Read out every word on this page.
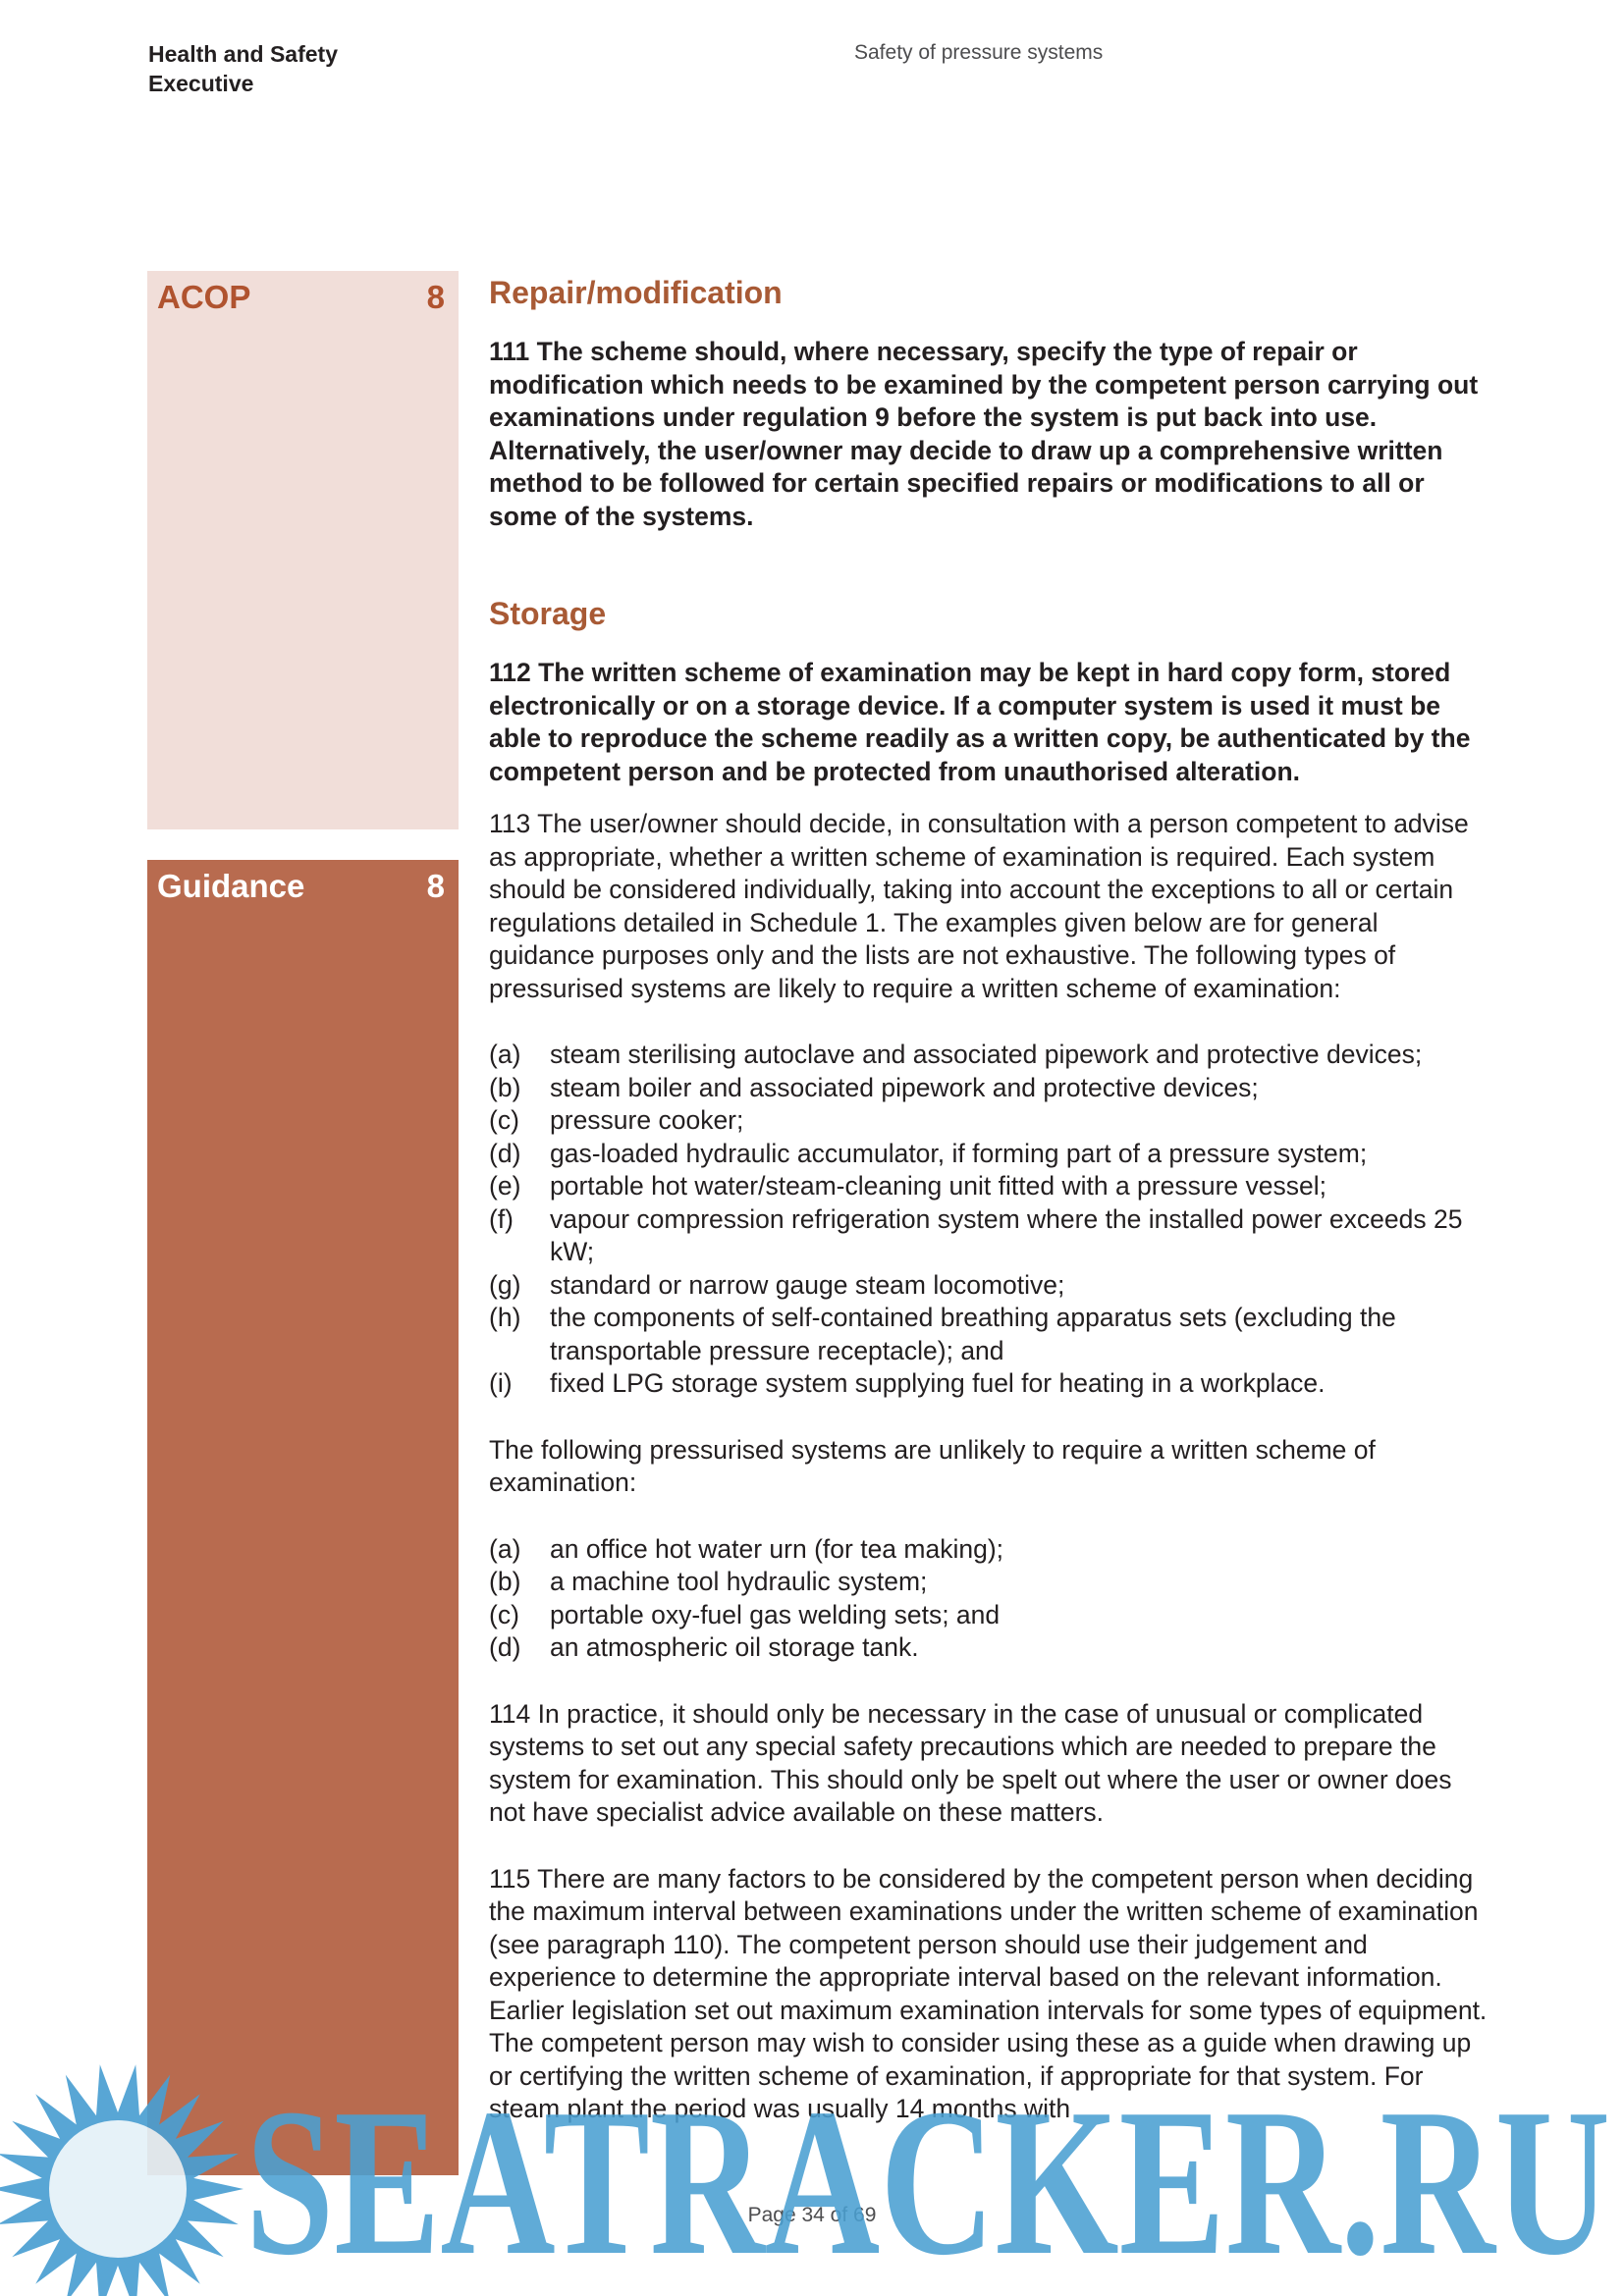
Health and Safety
Executive
Safety of pressure systems
ACOP	8
Guidance	8
Repair/modification

111 The scheme should, where necessary, specify the type of repair or modification which needs to be examined by the competent person carrying out examinations under regulation 9 before the system is put back into use. Alternatively, the user/owner may decide to draw up a comprehensive written method to be followed for certain specified repairs or modifications to all or some of the systems.

Storage

112 The written scheme of examination may be kept in hard copy form, stored electronically or on a storage device. If a computer system is used it must be able to reproduce the scheme readily as a written copy, be authenticated by the competent person and be protected from unauthorised alteration.

113 The user/owner should decide, in consultation with a person competent to advise as appropriate, whether a written scheme of examination is required. Each system should be considered individually, taking into account the exceptions to all or certain regulations detailed in Schedule 1. The examples given below are for general guidance purposes only and the lists are not exhaustive. The following types of pressurised systems are likely to require a written scheme of examination:

(a) steam sterilising autoclave and associated pipework and protective devices;
(b) steam boiler and associated pipework and protective devices;
(c) pressure cooker;
(d) gas-loaded hydraulic accumulator, if forming part of a pressure system;
(e) portable hot water/steam-cleaning unit fitted with a pressure vessel;
(f) vapour compression refrigeration system where the installed power exceeds 25 kW;
(g) standard or narrow gauge steam locomotive;
(h) the components of self-contained breathing apparatus sets (excluding the transportable pressure receptacle); and
(i) fixed LPG storage system supplying fuel for heating in a workplace.

The following pressurised systems are unlikely to require a written scheme of examination:

(a) an office hot water urn (for tea making);
(b) a machine tool hydraulic system;
(c) portable oxy-fuel gas welding sets; and
(d) an atmospheric oil storage tank.

114 In practice, it should only be necessary in the case of unusual or complicated systems to set out any special safety precautions which are needed to prepare the system for examination. This should only be spelt out where the user or owner does not have specialist advice available on these matters.

115 There are many factors to be considered by the competent person when deciding the maximum interval between examinations under the written scheme of examination (see paragraph 110). The competent person should use their judgement and experience to determine the appropriate interval based on the relevant information. Earlier legislation set out maximum examination intervals for some types of equipment. The competent person may wish to consider using these as a guide when drawing up or certifying the written scheme of examination, if appropriate for that system. For steam plant the period was usually 14 months with

Page 34 of 69
SEATRACKER.RU
